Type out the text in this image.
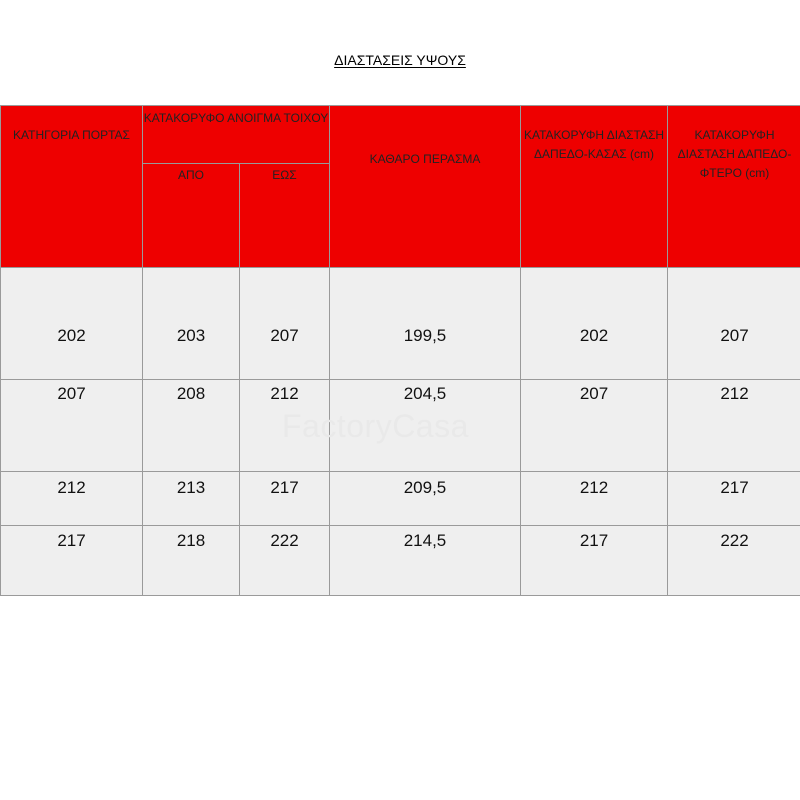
ΔΙΑΣΤΑΣΕΙΣ ΥΨΟΥΣ
ΚΑΤΗΓΟΡΙΑ ΠΟΡΤΑΣ	ΚΑΤΑΚΟΡΥΦΟ ΑΝΟΙΓΜΑ ΤΟΙΧΟΥ		ΚΑΘΑΡΟ ΠΕΡΑΣΜΑ	ΚΑΤΑΚΟΡΥΦΗ ΔΙΑΣΤΑΣΗ ΔΑΠΕΔΟ-ΚΑΣΑΣ (cm)	ΚΑΤΑΚΟΡΥΦΗ ΔΙΑΣΤΑΣΗ ΔΑΠΕΔΟ-ΦΤΕΡΟ (cm)
	ΑΠΟ	ΕΩΣ			
202	203	207	199,5	202	207
207	208	212	204,5	207	212
212	213	217	209,5	212	217
217	218	222	214,5	217	222
FactoryCasa
